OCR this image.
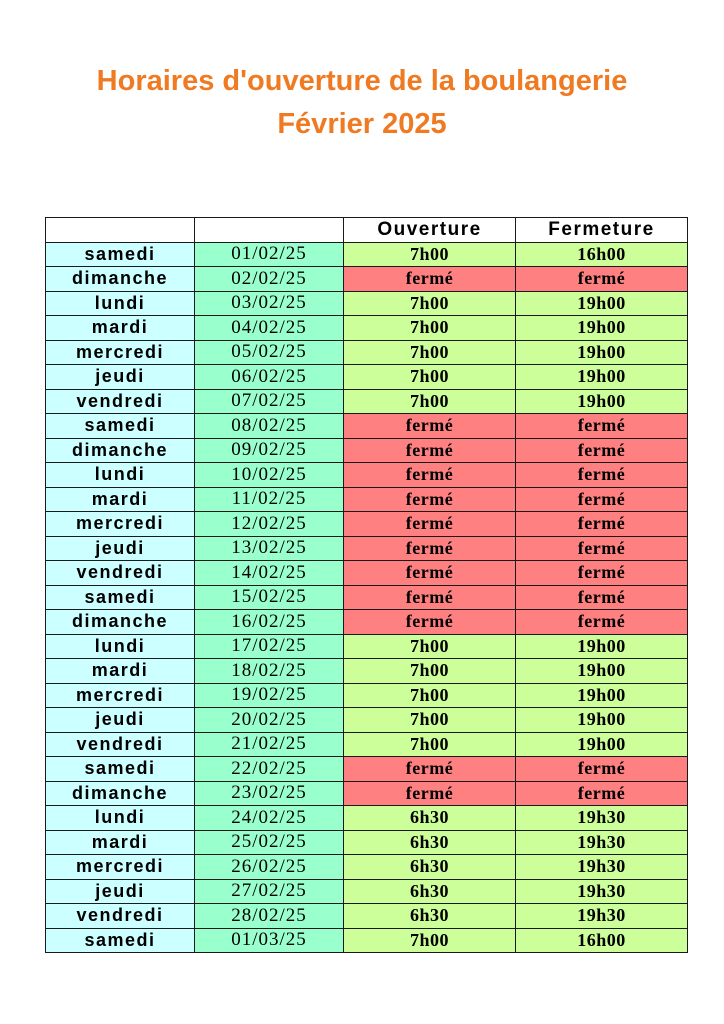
Horaires d'ouverture de la boulangerie
Février 2025
		Ouverture	Fermeture
samedi	01/02/25	7h00	16h00
dimanche	02/02/25	fermé	fermé
lundi	03/02/25	7h00	19h00
mardi	04/02/25	7h00	19h00
mercredi	05/02/25	7h00	19h00
jeudi	06/02/25	7h00	19h00
vendredi	07/02/25	7h00	19h00
samedi	08/02/25	fermé	fermé
dimanche	09/02/25	fermé	fermé
lundi	10/02/25	fermé	fermé
mardi	11/02/25	fermé	fermé
mercredi	12/02/25	fermé	fermé
jeudi	13/02/25	fermé	fermé
vendredi	14/02/25	fermé	fermé
samedi	15/02/25	fermé	fermé
dimanche	16/02/25	fermé	fermé
lundi	17/02/25	7h00	19h00
mardi	18/02/25	7h00	19h00
mercredi	19/02/25	7h00	19h00
jeudi	20/02/25	7h00	19h00
vendredi	21/02/25	7h00	19h00
samedi	22/02/25	fermé	fermé
dimanche	23/02/25	fermé	fermé
lundi	24/02/25	6h30	19h30
mardi	25/02/25	6h30	19h30
mercredi	26/02/25	6h30	19h30
jeudi	27/02/25	6h30	19h30
vendredi	28/02/25	6h30	19h30
samedi	01/03/25	7h00	16h00
